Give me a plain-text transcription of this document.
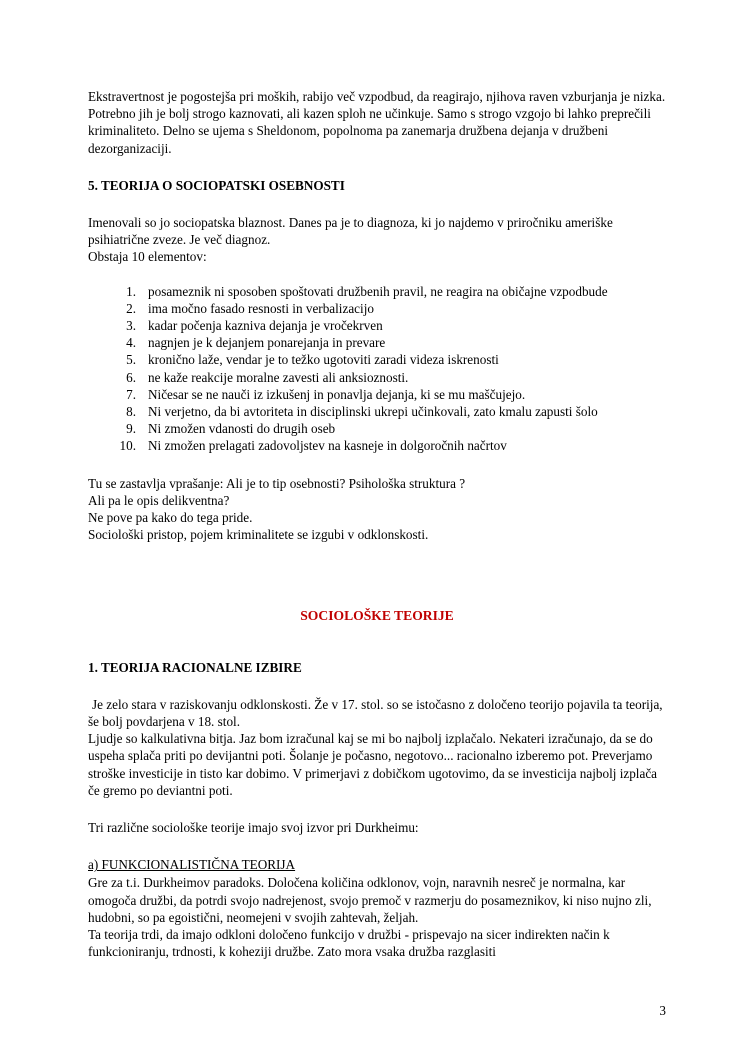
Ekstravertnost je pogostejša pri moških, rabijo več vzpodbud, da reagirajo, njihova raven vzburjanja je nizka. Potrebno jih je bolj strogo kaznovati, ali kazen sploh ne učinkuje. Samo s strogo vzgojo bi lahko preprečili kriminaliteto. Delno se ujema s Sheldonom, popolnoma pa zanemarja družbena dejanja v družbeni dezorganizaciji.

5. TEORIJA O SOCIOPATSKI OSEBNOSTI

Imenovali so jo sociopatska blaznost. Danes pa je to diagnoza, ki jo najdemo v priročniku ameriške psihiatrične zveze. Je več diagnoz.

Obstaja 10 elementov:

1. posameznik ni sposoben spoštovati družbenih pravil, ne reagira na običajne vzpodbude
2. ima močno fasado resnosti in verbalizacijo
3. kadar počenja kazniva dejanja je vročekrven
4. nagnjen je k dejanjem ponarejanja in prevare
5. kronično laže, vendar je to težko ugotoviti zaradi videza iskrenosti
6. ne kaže reakcije moralne zavesti ali anksioznosti.
7. Ničesar se ne nauči iz izkušenj in ponavlja dejanja, ki se mu maščujejo.
8. Ni verjetno, da bi avtoriteta in disciplinski ukrepi učinkovali, zato kmalu zapusti šolo
9. Ni zmožen vdanosti do drugih oseb
10. Ni zmožen prelagati zadovoljstev na kasneje in dolgoročnih načrtov

Tu se zastavlja vprašanje: Ali je to tip osebnosti? Psihološka struktura ?

Ali pa le opis delikventna?

Ne pove pa kako do tega pride.

Sociološki pristop, pojem kriminalitete se izgubi v odklonskosti.

SOCIOLOŠKE TEORIJE
1. TEORIJA RACIONALNE IZBIRE

Je zelo stara v raziskovanju odklonskosti. Že v 17. stol. so se istočasno z določeno teorijo pojavila ta teorija, še bolj povdarjena v 18. stol.

Ljudje so kalkulativna bitja. Jaz bom izračunal kaj se mi bo najbolj izplačalo. Nekateri izračunajo, da se do uspeha splača priti po devijantni poti. Šolanje je počasno, negotovo... racionalno izberemo pot. Preverjamo stroške investicije in tisto kar dobimo. V primerjavi z dobičkom ugotovimo, da se investicija najbolj izplača če gremo po deviantni poti.

Tri različne sociološke teorije imajo svoj izvor pri Durkheimu:

a) FUNKCIONALISTIČNA TEORIJA

Gre za t.i. Durkheimov paradoks. Določena količina odklonov, vojn, naravnih nesreč je normalna, kar omogoča družbi, da potrdi svojo nadrejenost, svojo premoč v razmerju do posameznikov, ki niso nujno zli, hudobni, so pa egoistični, neomejeni v svojih zahtevah, željah.

Ta teorija trdi, da imajo odkloni določeno funkcijo v družbi - prispevajo na sicer indirekten način k funkcioniranju, trdnosti, k koheziji družbe. Zato mora vsaka družba razglasiti

3
